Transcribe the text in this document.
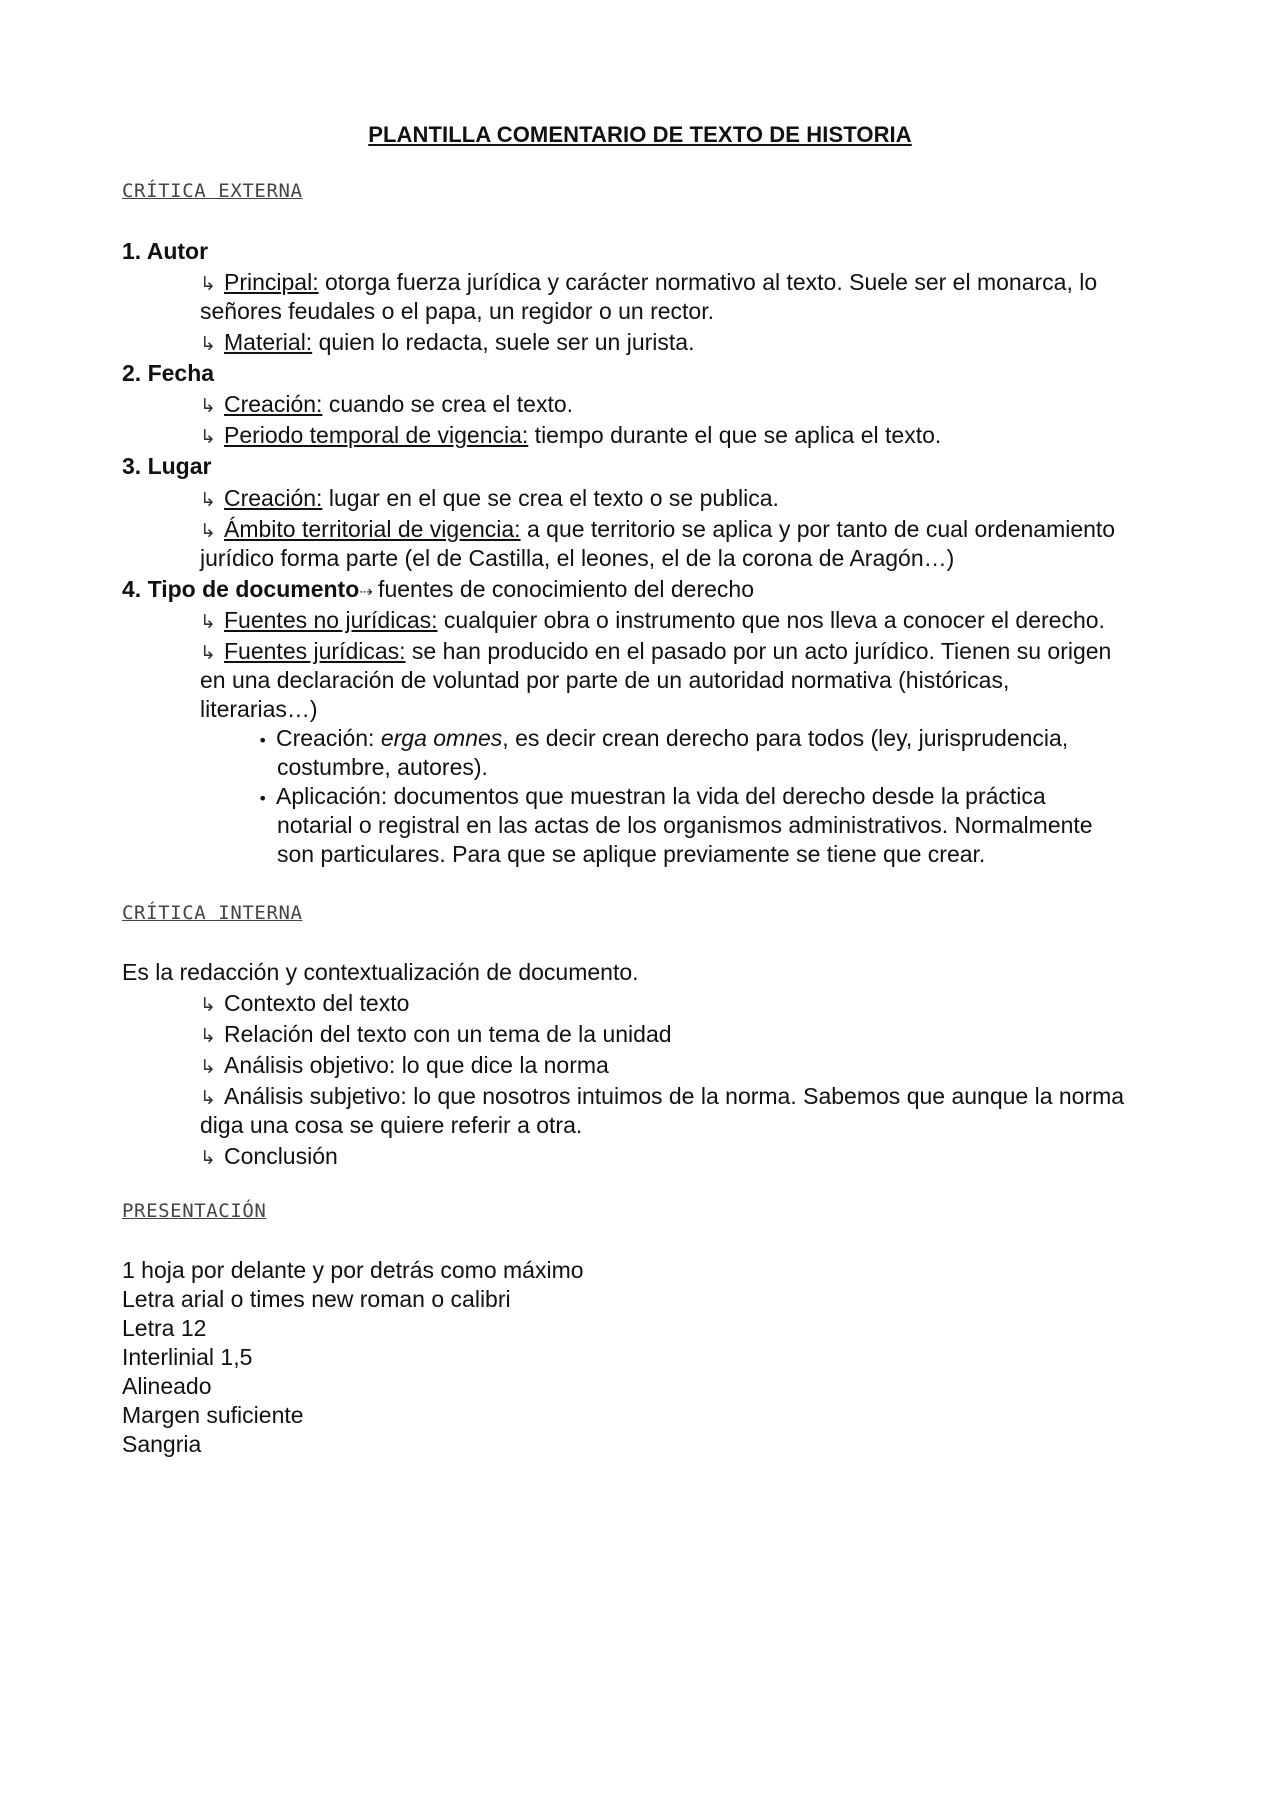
PLANTILLA COMENTARIO DE TEXTO DE HISTORIA
CRÍTICA EXTERNA
1. Autor
↳ Principal: otorga fuerza jurídica y carácter normativo al texto. Suele ser el monarca, lo
señores feudales o el papa, un regidor o un rector.
↳ Material: quien lo redacta, suele ser un jurista.
2. Fecha
↳ Creación: cuando se crea el texto.
↳ Periodo temporal de vigencia: tiempo durante el que se aplica el texto.
3. Lugar
↳ Creación: lugar en el que se crea el texto o se publica.
↳ Ámbito territorial de vigencia: a que territorio se aplica y por tanto de cual ordenamiento
jurídico forma parte (el de Castilla, el leones, el de la corona de Aragón…)
4. Tipo de documento⇢ fuentes de conocimiento del derecho
↳ Fuentes no jurídicas: cualquier obra o instrumento que nos lleva a conocer el derecho.
↳ Fuentes jurídicas: se han producido en el pasado por un acto jurídico. Tienen su origen
en una declaración de voluntad por parte de un autoridad normativa (históricas,
literarias…)
• Creación: erga omnes, es decir crean derecho para todos (ley, jurisprudencia,
costumbre, autores).
• Aplicación: documentos que muestran la vida del derecho desde la práctica
notarial o registral en las actas de los organismos administrativos. Normalmente
son particulares. Para que se aplique previamente se tiene que crear.
CRÍTICA INTERNA
Es la redacción y contextualización de documento.
↳ Contexto del texto
↳ Relación del texto con un tema de la unidad
↳ Análisis objetivo: lo que dice la norma
↳ Análisis subjetivo: lo que nosotros intuimos de la norma. Sabemos que aunque la norma
diga una cosa se quiere referir a otra.
↳ Conclusión
PRESENTACIÓN
1 hoja por delante y por detrás como máximo
Letra arial o times new roman o calibri
Letra 12
Interlinial 1,5
Alineado
Margen suficiente
Sangria
